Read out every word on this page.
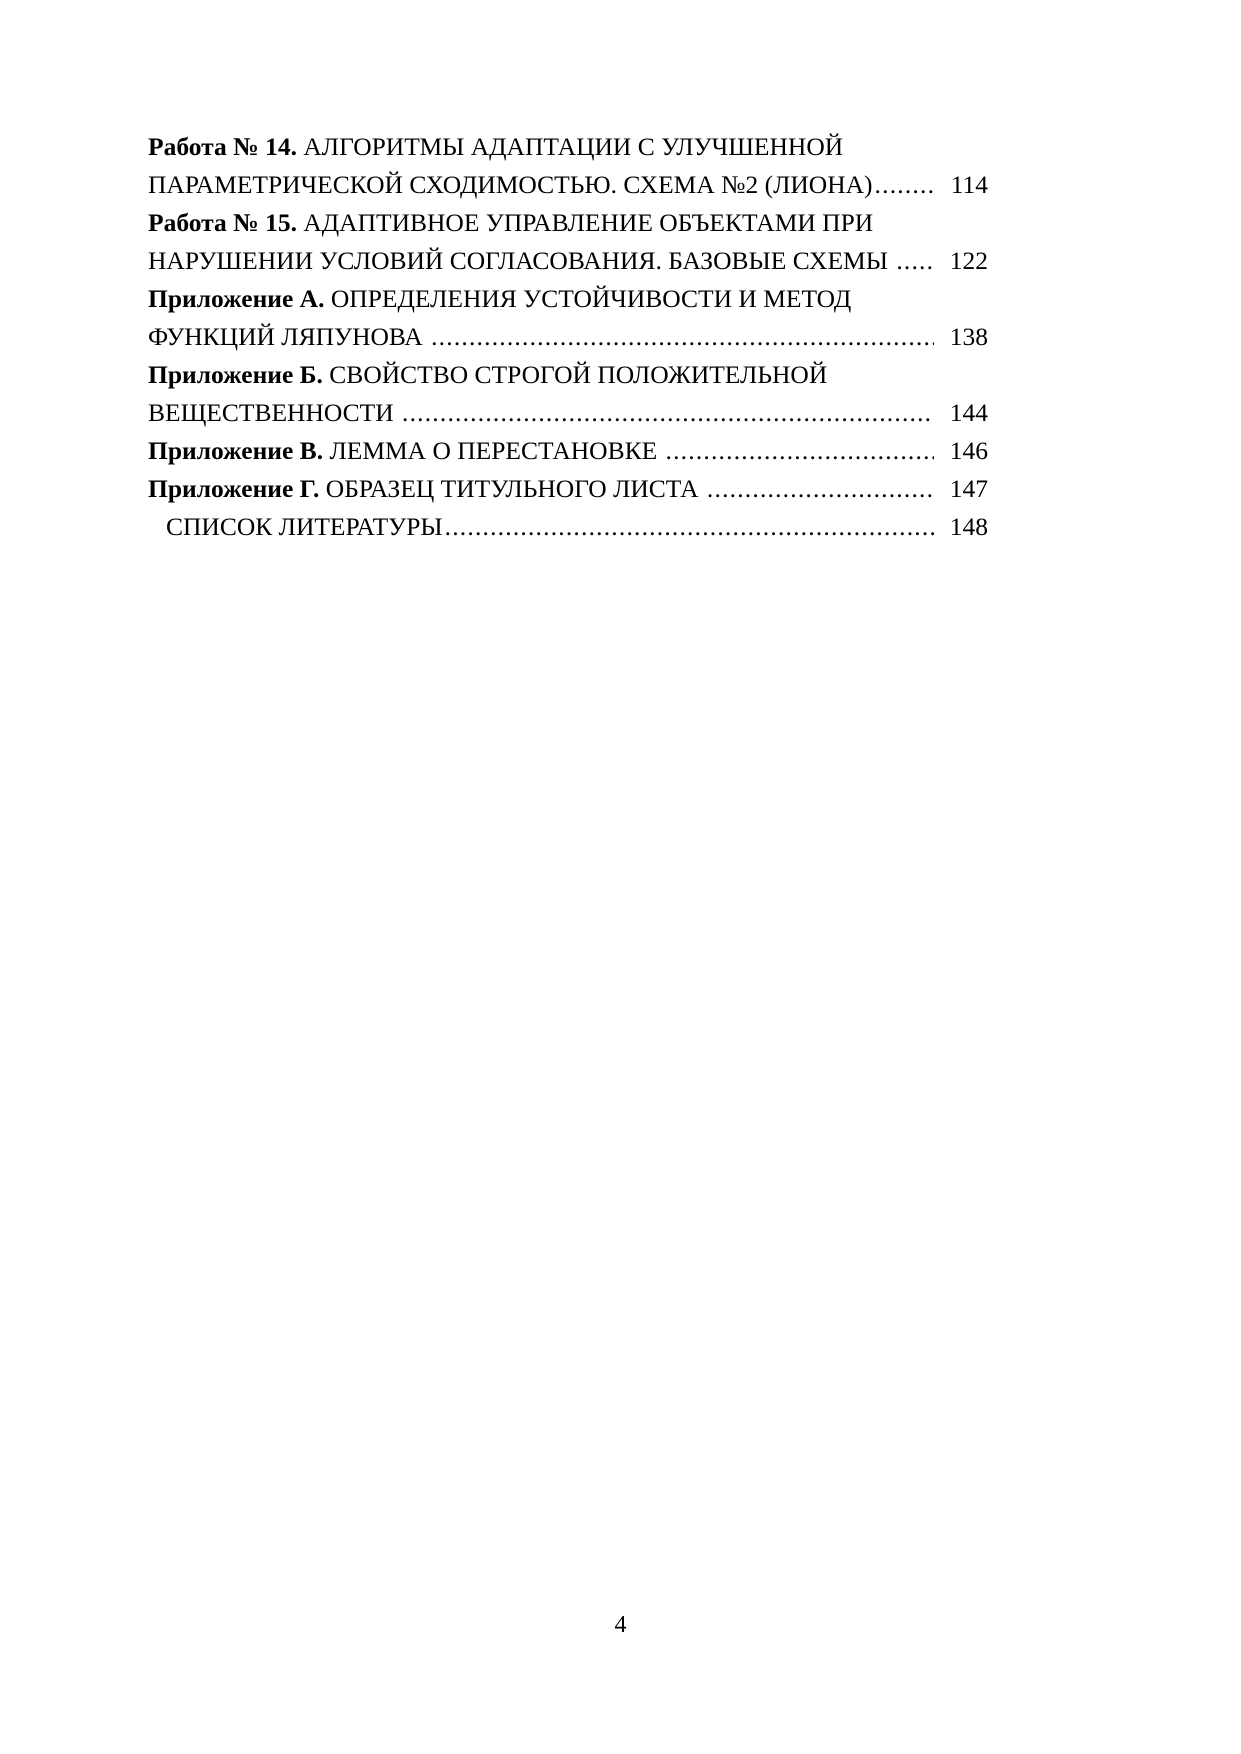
Работа № 14. АЛГОРИТМЫ АДАПТАЦИИ С УЛУЧШЕННОЙ
ПАРАМЕТРИЧЕСКОЙ СХОДИМОСТЬЮ. СХЕМА №2 (ЛИОНА) .....	114
Работа № 15. АДАПТИВНОЕ УПРАВЛЕНИЕ ОБЪЕКТАМИ ПРИ
НАРУШЕНИИ УСЛОВИЙ СОГЛАСОВАНИЯ. БАЗОВЫЕ СХЕМЫ .....	122
Приложение А. ОПРЕДЕЛЕНИЯ УСТОЙЧИВОСТИ И МЕТОД
ФУНКЦИЙ ЛЯПУНОВА .....	138
Приложение Б. СВОЙСТВО СТРОГОЙ ПОЛОЖИТЕЛЬНОЙ
ВЕЩЕСТВЕННОСТИ .....	144
Приложение В. ЛЕММА О ПЕРЕСТАНОВКЕ .....	146
Приложение Г. ОБРАЗЕЦ ТИТУЛЬНОГО ЛИСТА .....	147
СПИСОК ЛИТЕРАТУРЫ .....	148
4
